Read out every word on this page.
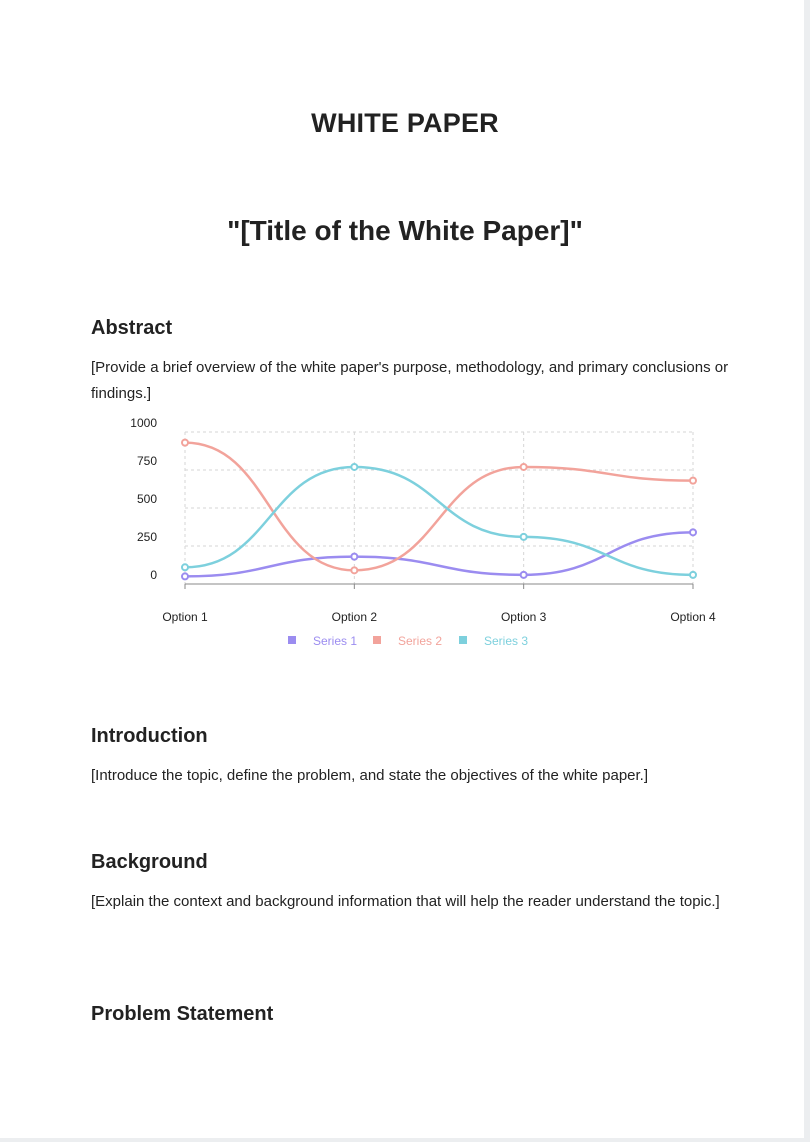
WHITE PAPER
"[Title of the White Paper]"
Abstract

[Provide a brief overview of the white paper's purpose, methodology, and primary conclusions or findings.]

0
250
500
750
1000
Option 1	Option 2	Option 3	Option 4
Series 1	Series 2	Series 3
Introduction

[Introduce the topic, define the problem, and state the objectives of the white paper.]

Background

[Explain the context and background information that will help the reader understand the topic.]

Problem Statement
